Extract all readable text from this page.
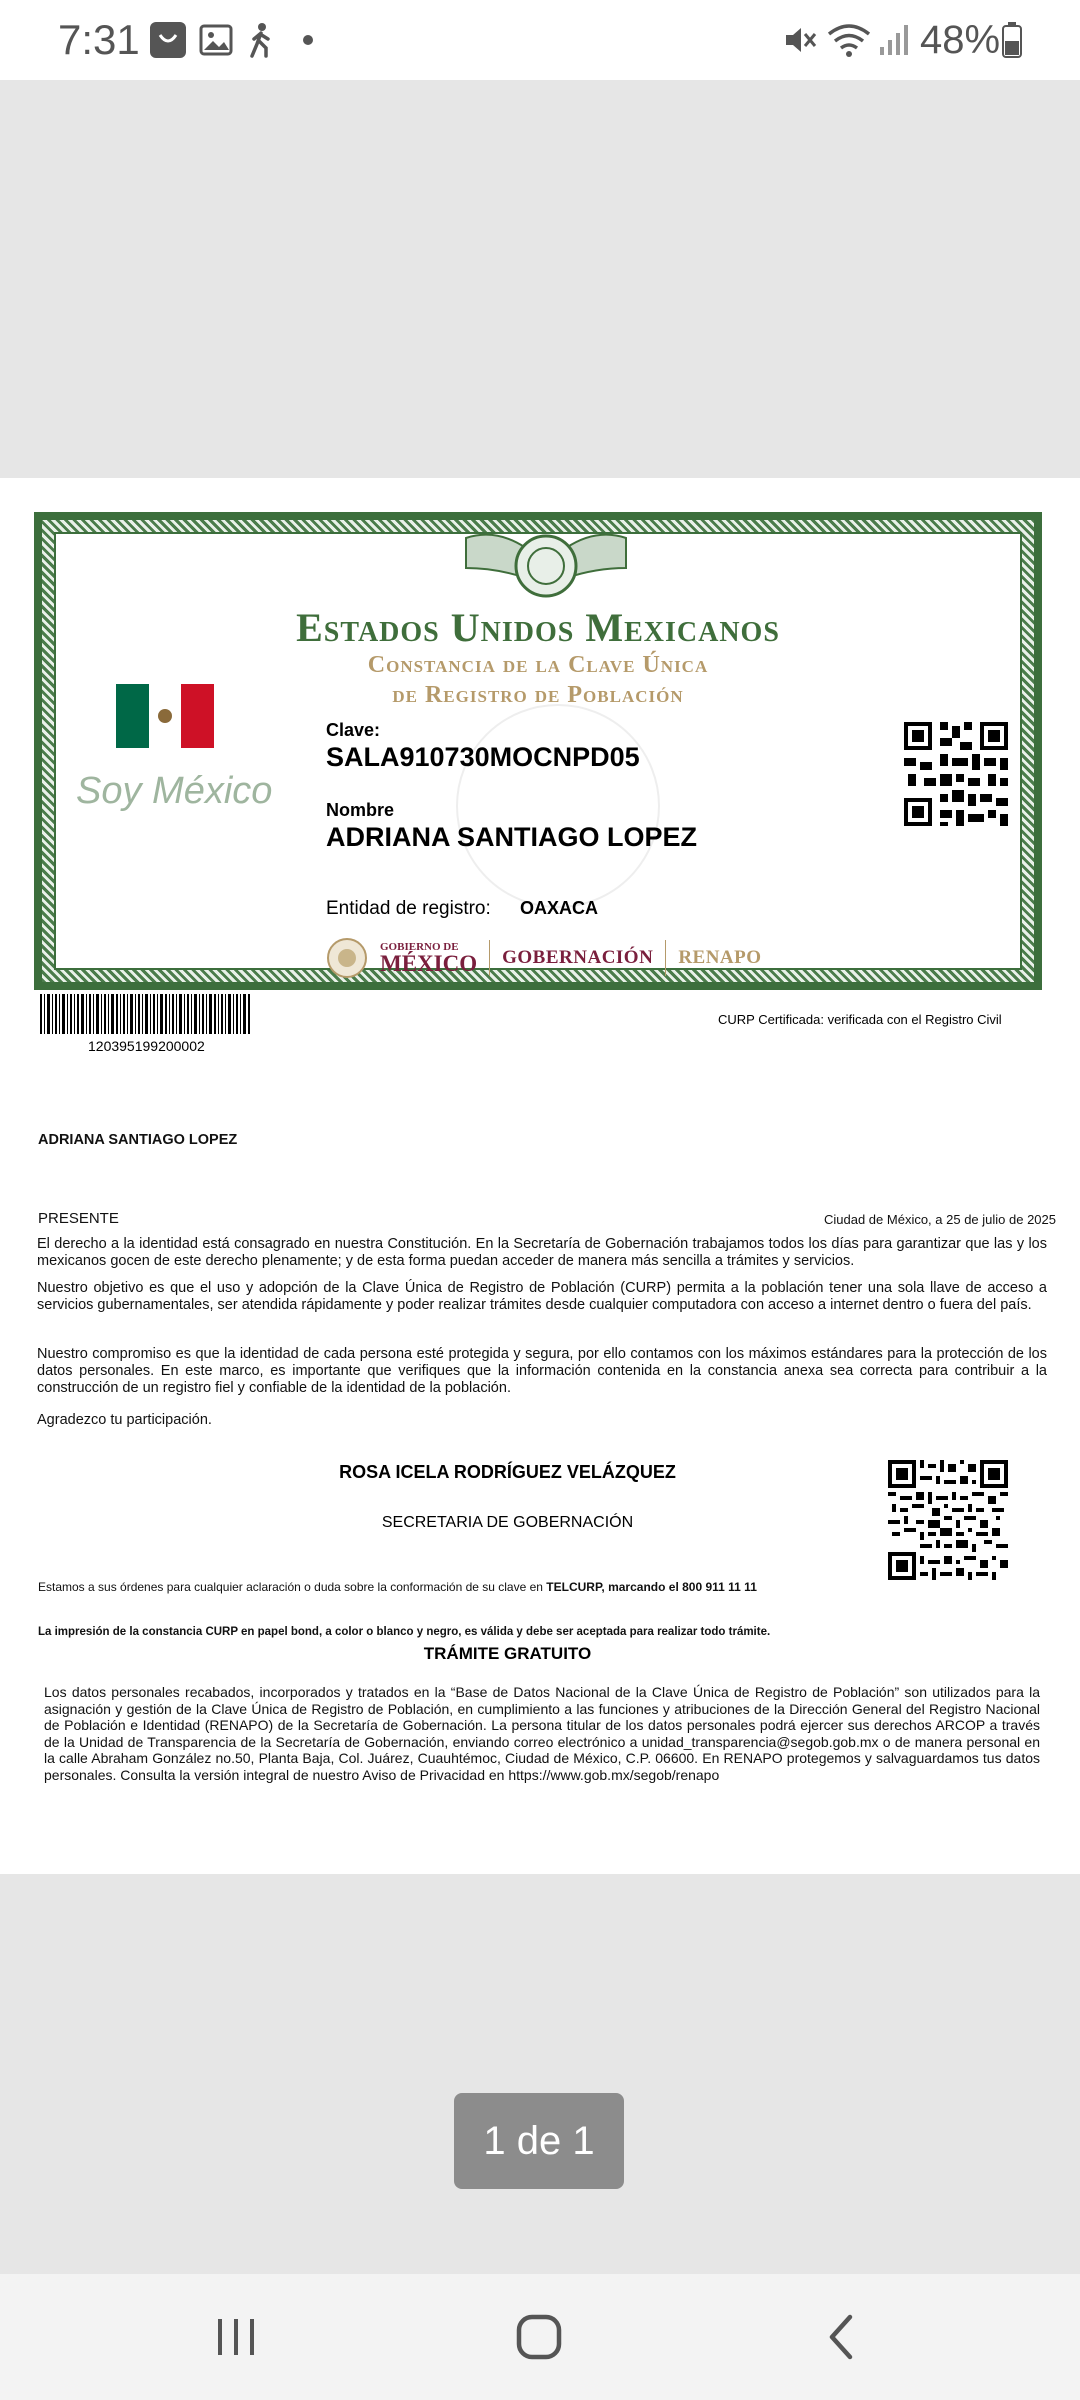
7:31	48%
Estados Unidos Mexicanos
Constancia de la Clave Única
de Registro de Población
Soy México
Clave:
SALA910730MOCNPD05
Nombre
ADRIANA SANTIAGO LOPEZ
Entidad de registro: OAXACA
GOBIERNO DE
MÉXICO GOBERNACIÓN RENAPO
120395199200002
CURP Certificada: verificada con el Registro Civil
ADRIANA SANTIAGO LOPEZ
PRESENTE	Ciudad de México, a 25 de julio de 2025
El derecho a la identidad está consagrado en nuestra Constitución. En la Secretaría de Gobernación trabajamos todos los días para garantizar que las y los mexicanos gocen de este derecho plenamente; y de esta forma puedan acceder de manera más sencilla a trámites y servicios.
Nuestro objetivo es que el uso y adopción de la Clave Única de Registro de Población (CURP) permita a la población tener una sola llave de acceso a servicios gubernamentales, ser atendida rápidamente y poder realizar trámites desde cualquier computadora con acceso a internet dentro o fuera del país.
Nuestro compromiso es que la identidad de cada persona esté protegida y segura, por ello contamos con los máximos estándares para la protección de los datos personales. En este marco, es importante que verifiques que la información contenida en la constancia anexa sea correcta para contribuir a la construcción de un registro fiel y confiable de la identidad de la población.
Agradezco tu participación.
ROSA ICELA RODRÍGUEZ VELÁZQUEZ
SECRETARIA DE GOBERNACIÓN
Estamos a sus órdenes para cualquier aclaración o duda sobre la conformación de su clave en TELCURP, marcando el 800 911 11 11
La impresión de la constancia CURP en papel bond, a color o blanco y negro, es válida y debe ser aceptada para realizar todo trámite.
TRÁMITE GRATUITO
Los datos personales recabados, incorporados y tratados en la “Base de Datos Nacional de la Clave Única de Registro de Población” son utilizados para la asignación y gestión de la Clave Única de Registro de Población, en cumplimiento a las funciones y atribuciones de la Dirección General del Registro Nacional de Población e Identidad (RENAPO) de la Secretaría de Gobernación. La persona titular de los datos personales podrá ejercer sus derechos ARCOP a través de la Unidad de Transparencia de la Secretaría de Gobernación, enviando correo electrónico a unidad_transparencia@segob.gob.mx o de manera personal en la calle Abraham González no.50, Planta Baja, Col. Juárez, Cuauhtémoc, Ciudad de México, C.P. 06600. En RENAPO protegemos y salvaguardamos tus datos personales. Consulta la versión integral de nuestro Aviso de Privacidad en https://www.gob.mx/segob/renapo
1 de 1
